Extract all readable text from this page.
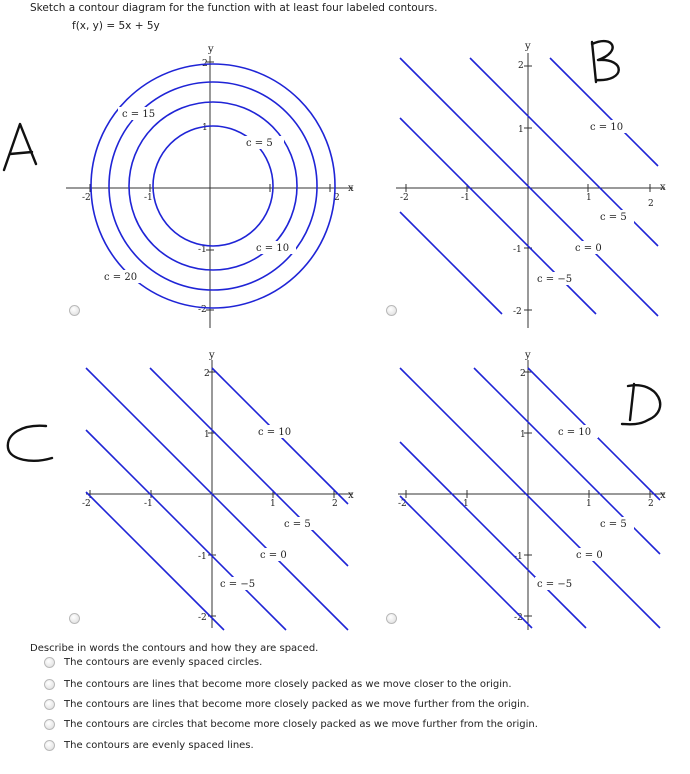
Sketch a contour diagram for the function with at least four labeled contours.
f(x, y) = 5x + 5y
x
y
2
1
-1
-2
-2	-1	2
c = 15
c = 5
c = 10
c = 20
x
y
2
1
-1
-2
-2	-1	1
2
c = 10
c = 5
c = 0
c = −5
x
y
2
1
-1
-2
-2	-1	1	2
c = 10
c = 5
c = 0
c = −5
x
y
2
1
-1
-2
-2	-1	1	2
c = 10
c = 5
c = 0
c = −5
Describe in words the contours and how they are spaced.
The contours are evenly spaced circles.
The contours are lines that become more closely packed as we move closer to the origin.
The contours are lines that become more closely packed as we move further from the origin.
The contours are circles that become more closely packed as we move further from the origin.
The contours are evenly spaced lines.
